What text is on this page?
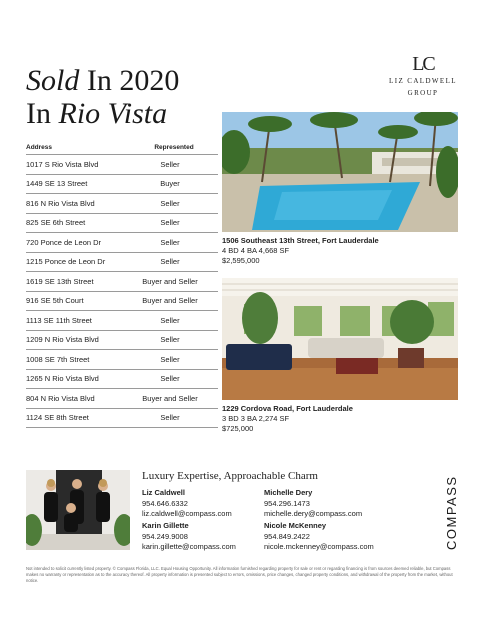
LC
LIZ CALDWELL
GROUP
Sold In 2020
In Rio Vista
Address	Represented
1017 S Rio Vista Blvd	Seller
1449 SE 13 Street	Buyer
816 N Rio Vista Blvd	Seller
825 SE 6th Street	Seller
720 Ponce de Leon Dr	Seller
1215 Ponce de Leon Dr	Seller
1619 SE 13th Street	Buyer and Seller
916 SE 5th Court	Buyer and Seller
1113 SE 11th Street	Seller
1209 N Rio Vista Blvd	Seller
1008 SE 7th Street	Seller
1265 N Rio Vista Blvd	Seller
804 N Rio Vista Blvd	Buyer and Seller
1124 SE 8th Street	Seller
1506 Southeast 13th Street, Fort Lauderdale
4 BD 4 BA 4,668 SF
$2,595,000
1229 Cordova Road, Fort Lauderdale
3 BD 3 BA 2,274 SF
$725,000
Luxury Expertise, Approachable Charm
Liz Caldwell
954.646.6332
liz.caldwell@compass.com
Michelle Dery
954.296.1473
michelle.dery@compass.com
Karin Gillette
954.249.9008
karin.gillette@compass.com
Nicole McKenney
954.849.2422
nicole.mckenney@compass.com	COMPASS
Not intended to solicit currently listed property. © Compass Florida, LLC. Equal Housing Opportunity. All information furnished regarding property for sale or rent or regarding financing is from sources deemed reliable, but Compass makes no warranty or representation as to the accuracy thereof. All property information is presented subject to errors, omissions, price changes, changed property conditions, and withdrawal of the property from the market, without notice.
